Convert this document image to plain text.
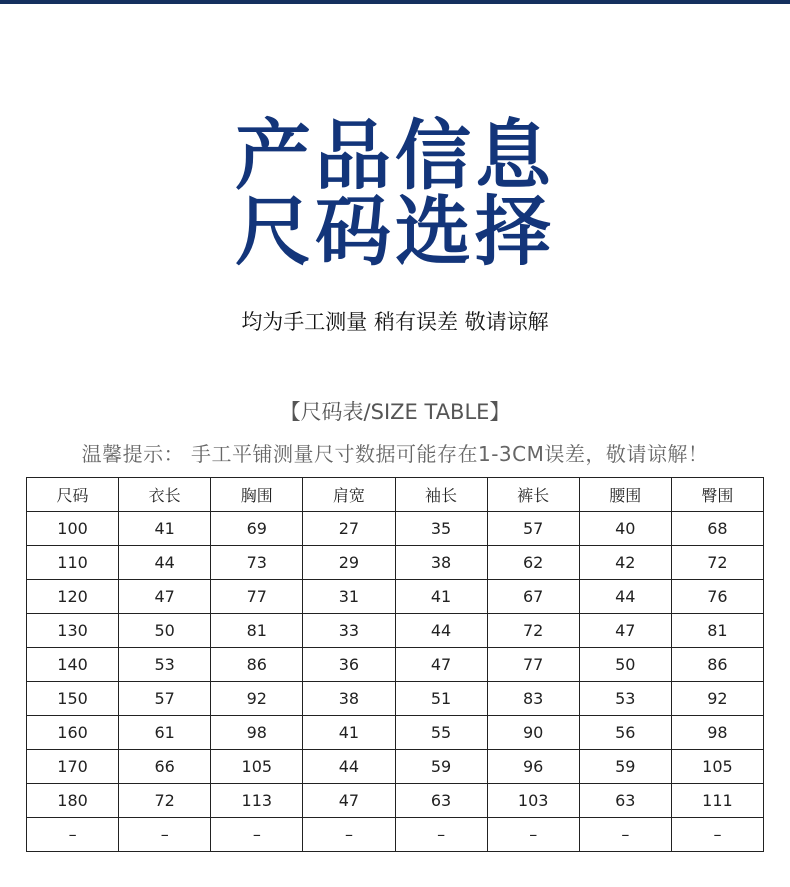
产品信息
尺码选择
均为手工测量 稍有误差 敬请谅解
【尺码表/SIZE TABLE】
温馨提示： 手工平铺测量尺寸数据可能存在1-3CM误差，敬请谅解！
尺码	衣长	胸围	肩宽	袖长	裤长	腰围	臀围
100	41	69	27	35	57	40	68
110	44	73	29	38	62	42	72
120	47	77	31	41	67	44	76
130	50	81	33	44	72	47	81
140	53	86	36	47	77	50	86
150	57	92	38	51	83	53	92
160	61	98	41	55	90	56	98
170	66	105	44	59	96	59	105
180	72	113	47	63	103	63	111
–	–	–	–	–	–	–	–
